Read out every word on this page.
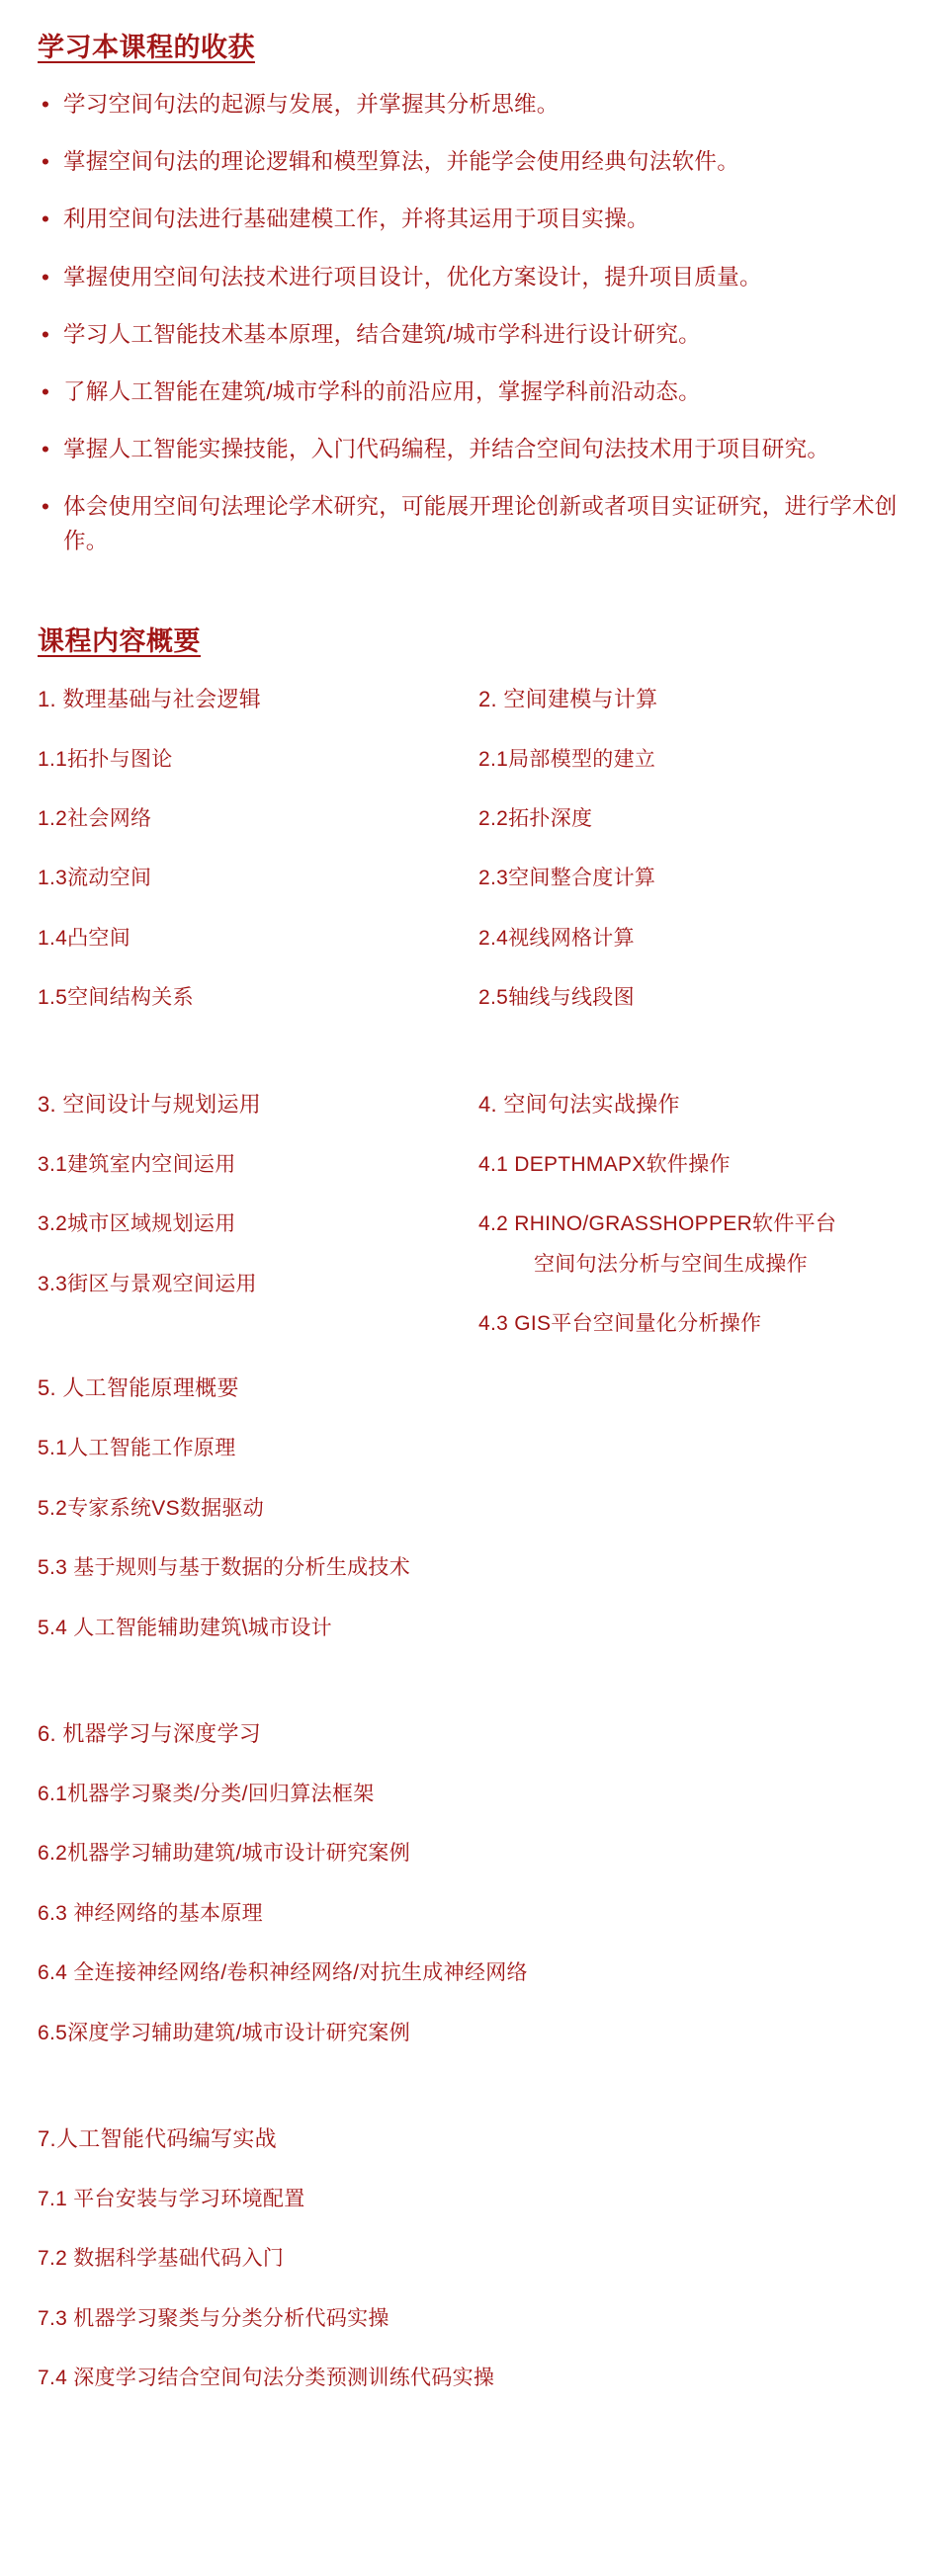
学习本课程的收获
• 学习空间句法的起源与发展，并掌握其分析思维。
• 掌握空间句法的理论逻辑和模型算法，并能学会使用经典句法软件。
• 利用空间句法进行基础建模工作，并将其运用于项目实操。
• 掌握使用空间句法技术进行项目设计，优化方案设计，提升项目质量。
• 学习人工智能技术基本原理，结合建筑/城市学科进行设计研究。
• 了解人工智能在建筑/城市学科的前沿应用，掌握学科前沿动态。
• 掌握人工智能实操技能，入门代码编程，并结合空间句法技术用于项目研究。
• 体会使用空间句法理论学术研究，可能展开理论创新或者项目实证研究，进行学术创作。
课程内容概要
1. 数理基础与社会逻辑
1.1拓扑与图论
1.2社会网络
1.3流动空间
1.4凸空间
1.5空间结构关系
3. 空间设计与规划运用
3.1建筑室内空间运用
3.2城市区域规划运用
3.3街区与景观空间运用
2. 空间建模与计算
2.1局部模型的建立
2.2拓扑深度
2.3空间整合度计算
2.4视线网格计算
2.5轴线与线段图
4. 空间句法实战操作
4.1 DEPTHMAPX软件操作
4.2 RHINO/GRASSHOPPER软件平台
空间句法分析与空间生成操作
4.3 GIS平台空间量化分析操作
5. 人工智能原理概要
5.1人工智能工作原理
5.2专家系统VS数据驱动
5.3 基于规则与基于数据的分析生成技术
5.4 人工智能辅助建筑\城市设计
6. 机器学习与深度学习
6.1机器学习聚类/分类/回归算法框架
6.2机器学习辅助建筑/城市设计研究案例
6.3 神经网络的基本原理
6.4 全连接神经网络/卷积神经网络/对抗生成神经网络
6.5深度学习辅助建筑/城市设计研究案例
7.人工智能代码编写实战
7.1 平台安装与学习环境配置
7.2 数据科学基础代码入门
7.3 机器学习聚类与分类分析代码实操
7.4 深度学习结合空间句法分类预测训练代码实操
